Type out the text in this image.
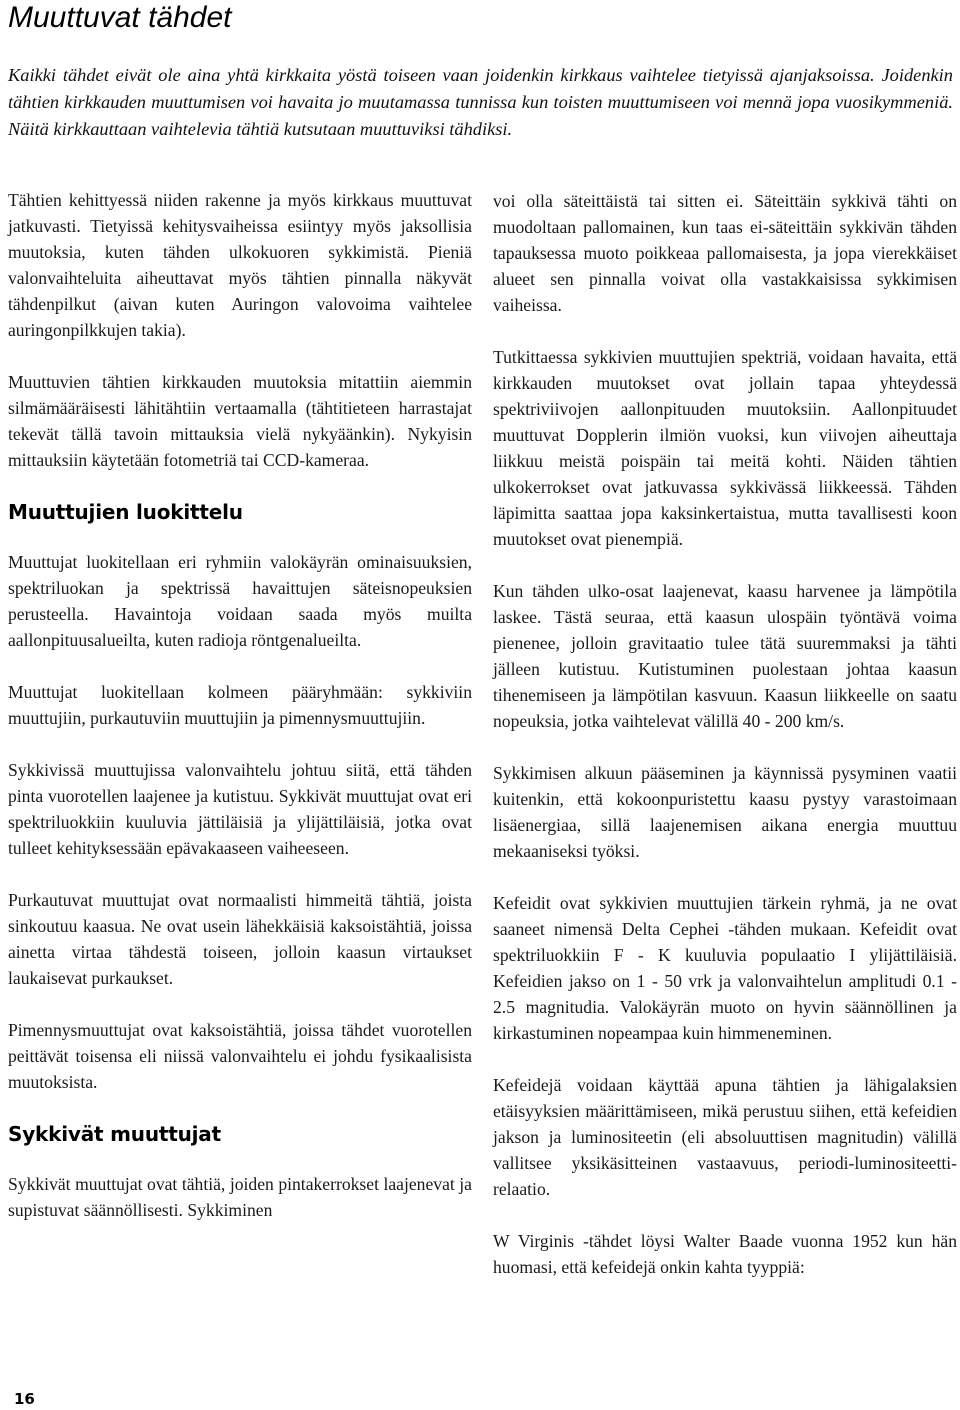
Muuttuvat tähdet

Kaikki tähdet eivät ole aina yhtä kirkkaita yöstä toiseen vaan joidenkin kirkkaus vaihtelee tietyissä ajanjaksoissa. Joidenkin tähtien kirkkauden muuttumisen voi havaita jo muutamassa tunnissa kun toisten muuttumiseen voi mennä jopa vuosikymmeniä. Näitä kirkkauttaan vaihtelevia tähtiä kutsutaan muuttuviksi tähdiksi.

Tähtien kehittyessä niiden rakenne ja myös kirkkaus muuttuvat jatkuvasti. Tietyissä kehitysvaiheissa esiintyy myös jaksollisia muutoksia, kuten tähden ulkokuoren sykkimistä. Pieniä valonvaihteluita aiheuttavat myös tähtien pinnalla näkyvät tähdenpilkut (aivan kuten Auringon valovoima vaihtelee auringonpilkkujen takia).

Muuttuvien tähtien kirkkauden muutoksia mitattiin aiemmin silmämääräisesti lähitähtiin vertaamalla (tähtitieteen harrastajat tekevät tällä tavoin mittauksia vielä nykyäänkin). Nykyisin mittauksiin käytetään fotometriä tai CCD-kameraa.

Muuttujien luokittelu

Muuttujat luokitellaan eri ryhmiin valokäyrän ominaisuuksien, spektriluokan ja spektrissä havaittujen säteisnopeuksien perusteella. Havaintoja voidaan saada myös muilta aallonpituusalueilta, kuten radioja röntgenalueilta.

Muuttujat luokitellaan kolmeen pääryhmään: sykkiviin muuttujiin, purkautuviin muuttujiin ja pimennysmuuttujiin.

Sykkivissä muuttujissa valonvaihtelu johtuu siitä, että tähden pinta vuorotellen laajenee ja kutistuu. Sykkivät muuttujat ovat eri spektriluokkiin kuuluvia jättiläisiä ja ylijättiläisiä, jotka ovat tulleet kehityksessään epävakaaseen vaiheeseen.

Purkautuvat muuttujat ovat normaalisti himmeitä tähtiä, joista sinkoutuu kaasua. Ne ovat usein lähekkäisiä kaksoistähtiä, joissa ainetta virtaa tähdestä toiseen, jolloin kaasun virtaukset laukaisevat purkaukset.

Pimennysmuuttujat ovat kaksoistähtiä, joissa tähdet vuorotellen peittävät toisensa eli niissä valonvaihtelu ei johdu fysikaalisista muutoksista.

Sykkivät muuttujat

Sykkivät muuttujat ovat tähtiä, joiden pintakerrokset laajenevat ja supistuvat säännöllisesti. Sykkiminen

voi olla säteittäistä tai sitten ei. Säteittäin sykkivä tähti on muodoltaan pallomainen, kun taas ei-säteittäin sykkivän tähden tapauksessa muoto poikkeaa pallomaisesta, ja jopa vierekkäiset alueet sen pinnalla voivat olla vastakkaisissa sykkimisen vaiheissa.

Tutkittaessa sykkivien muuttujien spektriä, voidaan havaita, että kirkkauden muutokset ovat jollain tapaa yhteydessä spektriviivojen aallonpituuden muutoksiin. Aallonpituudet muuttuvat Dopplerin ilmiön vuoksi, kun viivojen aiheuttaja liikkuu meistä poispäin tai meitä kohti. Näiden tähtien ulkokerrokset ovat jatkuvassa sykkivässä liikkeessä. Tähden läpimitta saattaa jopa kaksinkertaistua, mutta tavallisesti koon muutokset ovat pienempiä.

Kun tähden ulko-osat laajenevat, kaasu harvenee ja lämpötila laskee. Tästä seuraa, että kaasun ulospäin työntävä voima pienenee, jolloin gravitaatio tulee tätä suuremmaksi ja tähti jälleen kutistuu. Kutistuminen puolestaan johtaa kaasun tihenemiseen ja lämpötilan kasvuun. Kaasun liikkeelle on saatu nopeuksia, jotka vaihtelevat välillä 40 - 200 km/s.

Sykkimisen alkuun pääseminen ja käynnissä pysyminen vaatii kuitenkin, että kokoonpuristettu kaasu pystyy varastoimaan lisäenergiaa, sillä laajenemisen aikana energia muuttuu mekaaniseksi työksi.

Kefeidit ovat sykkivien muuttujien tärkein ryhmä, ja ne ovat saaneet nimensä Delta Cephei -tähden mukaan. Kefeidit ovat spektriluokkiin F - K kuuluvia populaatio I ylijättiläisiä. Kefeidien jakso on 1 - 50 vrk ja valonvaihtelun amplitudi 0.1 - 2.5 magnitudia. Valokäyrän muoto on hyvin säännöllinen ja kirkastuminen nopeampaa kuin himmeneminen.

Kefeidejä voidaan käyttää apuna tähtien ja lähigalaksien etäisyyksien määrittämiseen, mikä perustuu siihen, että kefeidien jakson ja luminositeetin (eli absoluuttisen magnitudin) välillä vallitsee yksikäsitteinen vastaavuus, periodi-luminositeetti-relaatio.

W Virginis -tähdet löysi Walter Baade vuonna 1952 kun hän huomasi, että kefeidejä onkin kahta tyyppiä:

16
